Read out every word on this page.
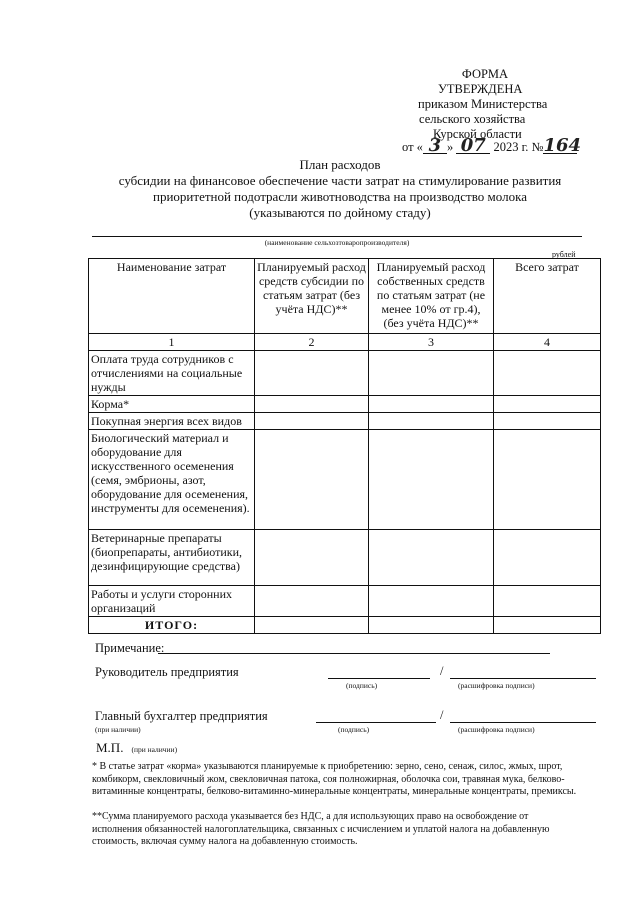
ФОРМА
УТВЕРЖДЕНА
приказом Министерства
сельского хозяйства
Курской области
от « 3 » 07 2023 г. №164
План расходов
субсидии на финансовое обеспечение части затрат на стимулирование развития
приоритетной подотрасли животноводства на производство молока
(указываются по дойному стаду)
(наименование сельхозтоваропроизводителя)
рублей
Наименование затрат	Планируемый расход средств субсидии по статьям затрат (без учёта НДС)**	Планируемый расход собственных средств по статьям затрат (не менее 10% от гр.4), (без учёта НДС)**	Всего затрат
1	2	3	4
Оплата труда сотрудников с отчислениями на социальные нужды			
Корма*			
Покупная энергия всех видов			
Биологический материал и оборудование для искусственного осеменения (семя, эмбрионы, азот, оборудование для осеменения, инструменты для осеменения).			
Ветеринарные препараты (биопрепараты, антибиотики, дезинфицирующие средства)			
Работы и услуги сторонних организаций			
ИТОГО:			
Примечание:
Руководитель предприятия	/
(подпись)	(расшифровка подписи)
Главный бухгалтер предприятия
(при наличии)
/
(подпись)	(расшифровка подписи)
М.П. (при наличии)
* В статье затрат «корма» указываются планируемые к приобретению: зерно, сено, сенаж, силос, жмых, шрот, комбикорм, свекловичный жом, свекловичная патока, соя полножирная, оболочка сои, травяная мука, белково-витаминные концентраты, белково-витаминно-минеральные концентраты, минеральные концентраты, премиксы.
**Сумма планируемого расхода указывается без НДС, а для использующих право на освобождение от исполнения обязанностей налогоплательщика, связанных с исчислением и уплатой налога на добавленную стоимость, включая сумму налога на добавленную стоимость.
